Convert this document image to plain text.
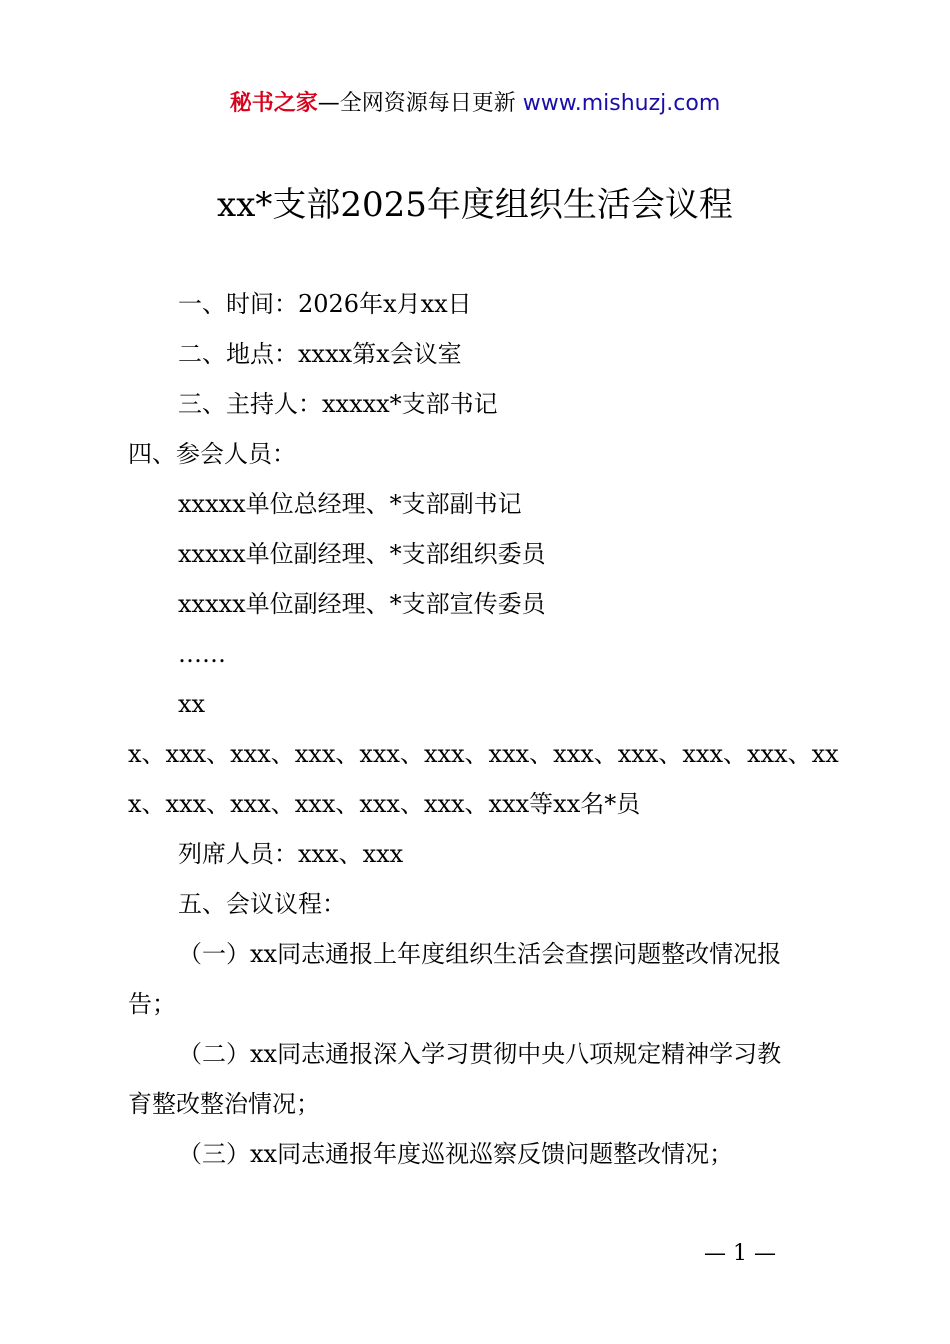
秘书之家—全网资源每日更新 www.mishuzj.com
xx*支部2025年度组织生活会议程
一、时间：2026年x月xx日
二、地点：xxxx第x会议室
三、主持人：xxxxx*支部书记
四、参会人员：
xxxxx单位总经理、*支部副书记
xxxxx单位副经理、*支部组织委员
xxxxx单位副经理、*支部宣传委员
……
xx
x、xxx、xxx、xxx、xxx、xxx、xxx、xxx、xxx、xxx、xxx、xx
x、xxx、xxx、xxx、xxx、xxx、xxx等xx名*员
列席人员：xxx、xxx
五、会议议程：
（一）xx同志通报上年度组织生活会查摆问题整改情况报
告；
（二）xx同志通报深入学习贯彻中央八项规定精神学习教
育整改整治情况；
（三）xx同志通报年度巡视巡察反馈问题整改情况；
— 1 —
